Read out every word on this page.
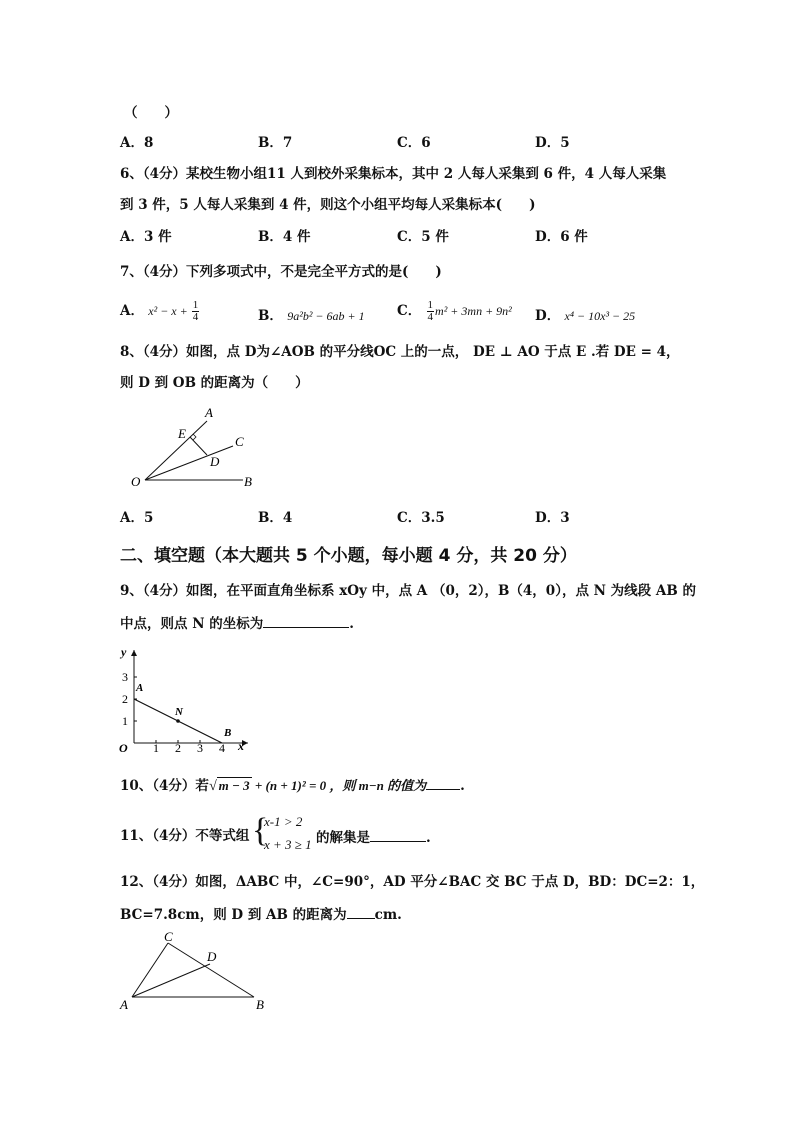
（　　）
A．8	B．7	C．6	D．5
6、（4分）某校生物小组11 人到校外采集标本，其中 2 人每人采集到 6 件，4 人每人采集
到 3 件，5 人每人采集到 4 件，则这个小组平均每人采集标本(　　)
A．3 件	B．4 件	C．5 件	D．6 件
7、（4分）下列多项式中，不是完全平方式的是(　　)
A． $x^2 - x + \frac{1}{4}$	B． 9a²b² − 6ab + 1 C． $\frac{1}{4} m^2 + 3mn + 9n^2$ D． x⁴ − 10x³ − 25
8、（4分）如图，点 D为∠AOB 的平分线OC 上的一点， DE ⊥ AO 于点 E .若 DE = 4，
则 D 到 OB 的距离为（　　）
A
E
C
D
O	B
A．5	B．4	C．3.5	D．3
二、填空题（本大题共 5 个小题，每小题 4 分，共 20 分）
9、（4分）如图，在平面直角坐标系 xOy 中，点 A （0，2），B（4，0），点 N 为线段 AB 的
中点，则点 N 的坐标为	.
y
x
O
3
2
1
1 2 3 4
A
B
N
10、（4分）若√ m − 3 + (n + 1)² = 0 ，则 m−n 的值为	.
11、（4分）不等式组 {
x-1 > 2
x + 3 ≥ 1 的解集是	.
12、（4分）如图，ΔABC 中，∠C=90°，AD 平分∠BAC 交 BC 于点 D，BD：DC=2：1，
BC=7.8cm，则 D 到 AB 的距离为 cm.
C
D
A	B
